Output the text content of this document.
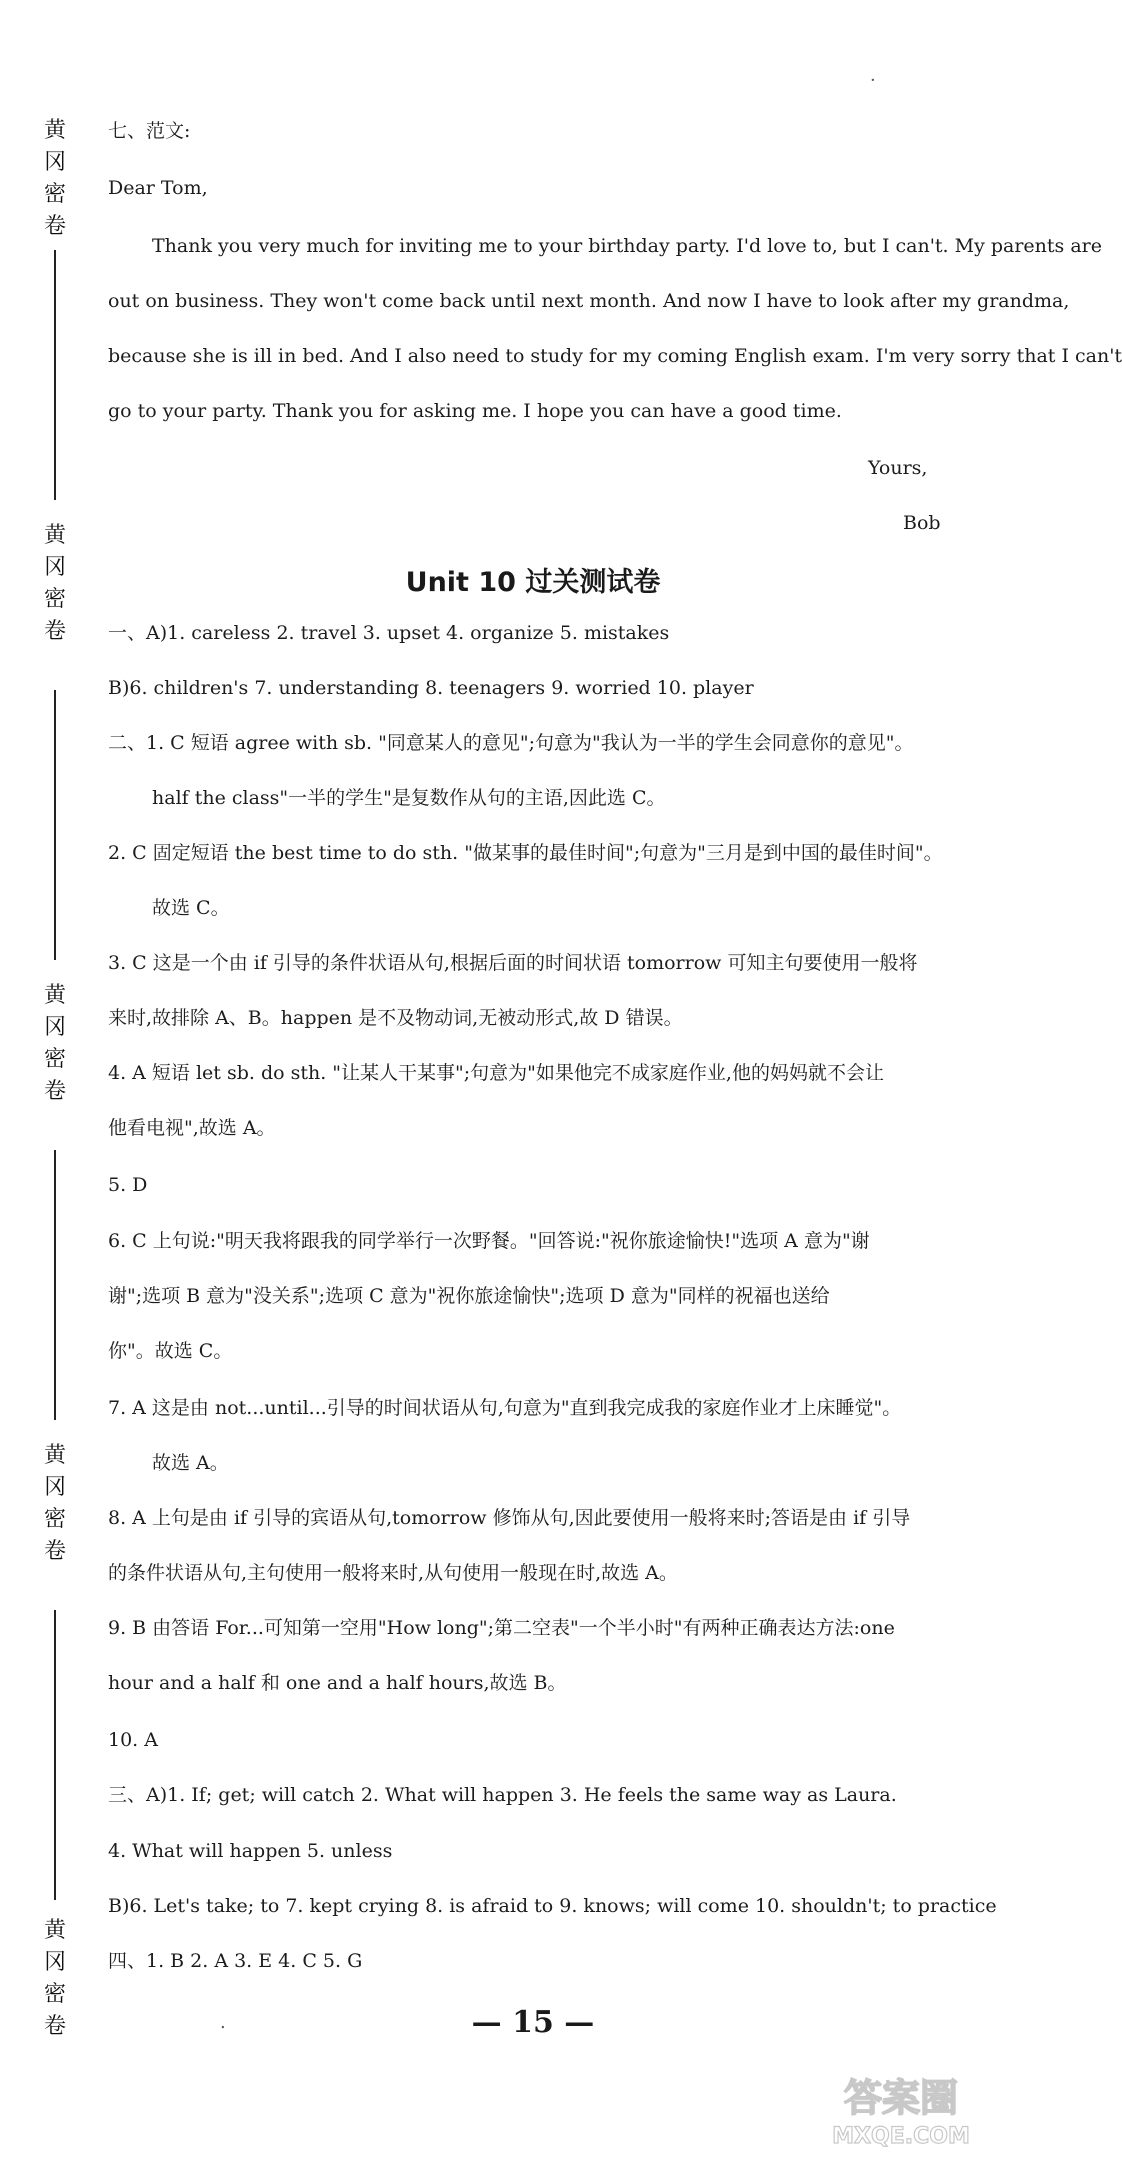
黄冈密卷
黄冈密卷
黄冈密卷
黄冈密卷
黄冈密卷
·
七、范文:
Dear Tom,
Thank you very much for inviting me to your birthday party. I'd love to, but I can't. My parents are
out on business. They won't come back until next month. And now I have to look after my grandma,
because she is ill in bed. And I also need to study for my coming English exam. I'm very sorry that I can't
go to your party. Thank you for asking me. I hope you can have a good time.
Yours,
Bob
Unit 10 过关测试卷
一、A)1. careless 2. travel 3. upset 4. organize 5. mistakes
B)6. children's 7. understanding 8. teenagers 9. worried 10. player
二、1. C 短语 agree with sb. "同意某人的意见";句意为"我认为一半的学生会同意你的意见"。
half the class"一半的学生"是复数作从句的主语,因此选 C。
2. C 固定短语 the best time to do sth. "做某事的最佳时间";句意为"三月是到中国的最佳时间"。
故选 C。
3. C 这是一个由 if 引导的条件状语从句,根据后面的时间状语 tomorrow 可知主句要使用一般将
来时,故排除 A、B。happen 是不及物动词,无被动形式,故 D 错误。
4. A 短语 let sb. do sth. "让某人干某事";句意为"如果他完不成家庭作业,他的妈妈就不会让
他看电视",故选 A。
5. D
6. C 上句说:"明天我将跟我的同学举行一次野餐。"回答说:"祝你旅途愉快!"选项 A 意为"谢
谢";选项 B 意为"没关系";选项 C 意为"祝你旅途愉快";选项 D 意为"同样的祝福也送给
你"。故选 C。
7. A 这是由 not...until...引导的时间状语从句,句意为"直到我完成我的家庭作业才上床睡觉"。
故选 A。
8. A 上句是由 if 引导的宾语从句,tomorrow 修饰从句,因此要使用一般将来时;答语是由 if 引导
的条件状语从句,主句使用一般将来时,从句使用一般现在时,故选 A。
9. B 由答语 For...可知第一空用"How long";第二空表"一个半小时"有两种正确表达方法:one
hour and a half 和 one and a half hours,故选 B。
10. A
三、A)1. If; get; will catch 2. What will happen 3. He feels the same way as Laura.
4. What will happen 5. unless
B)6. Let's take; to 7. kept crying 8. is afraid to 9. knows; will come 10. shouldn't; to practice
四、1. B 2. A 3. E 4. C 5. G
— 15 —
.
答案圈
MXQE.COM
